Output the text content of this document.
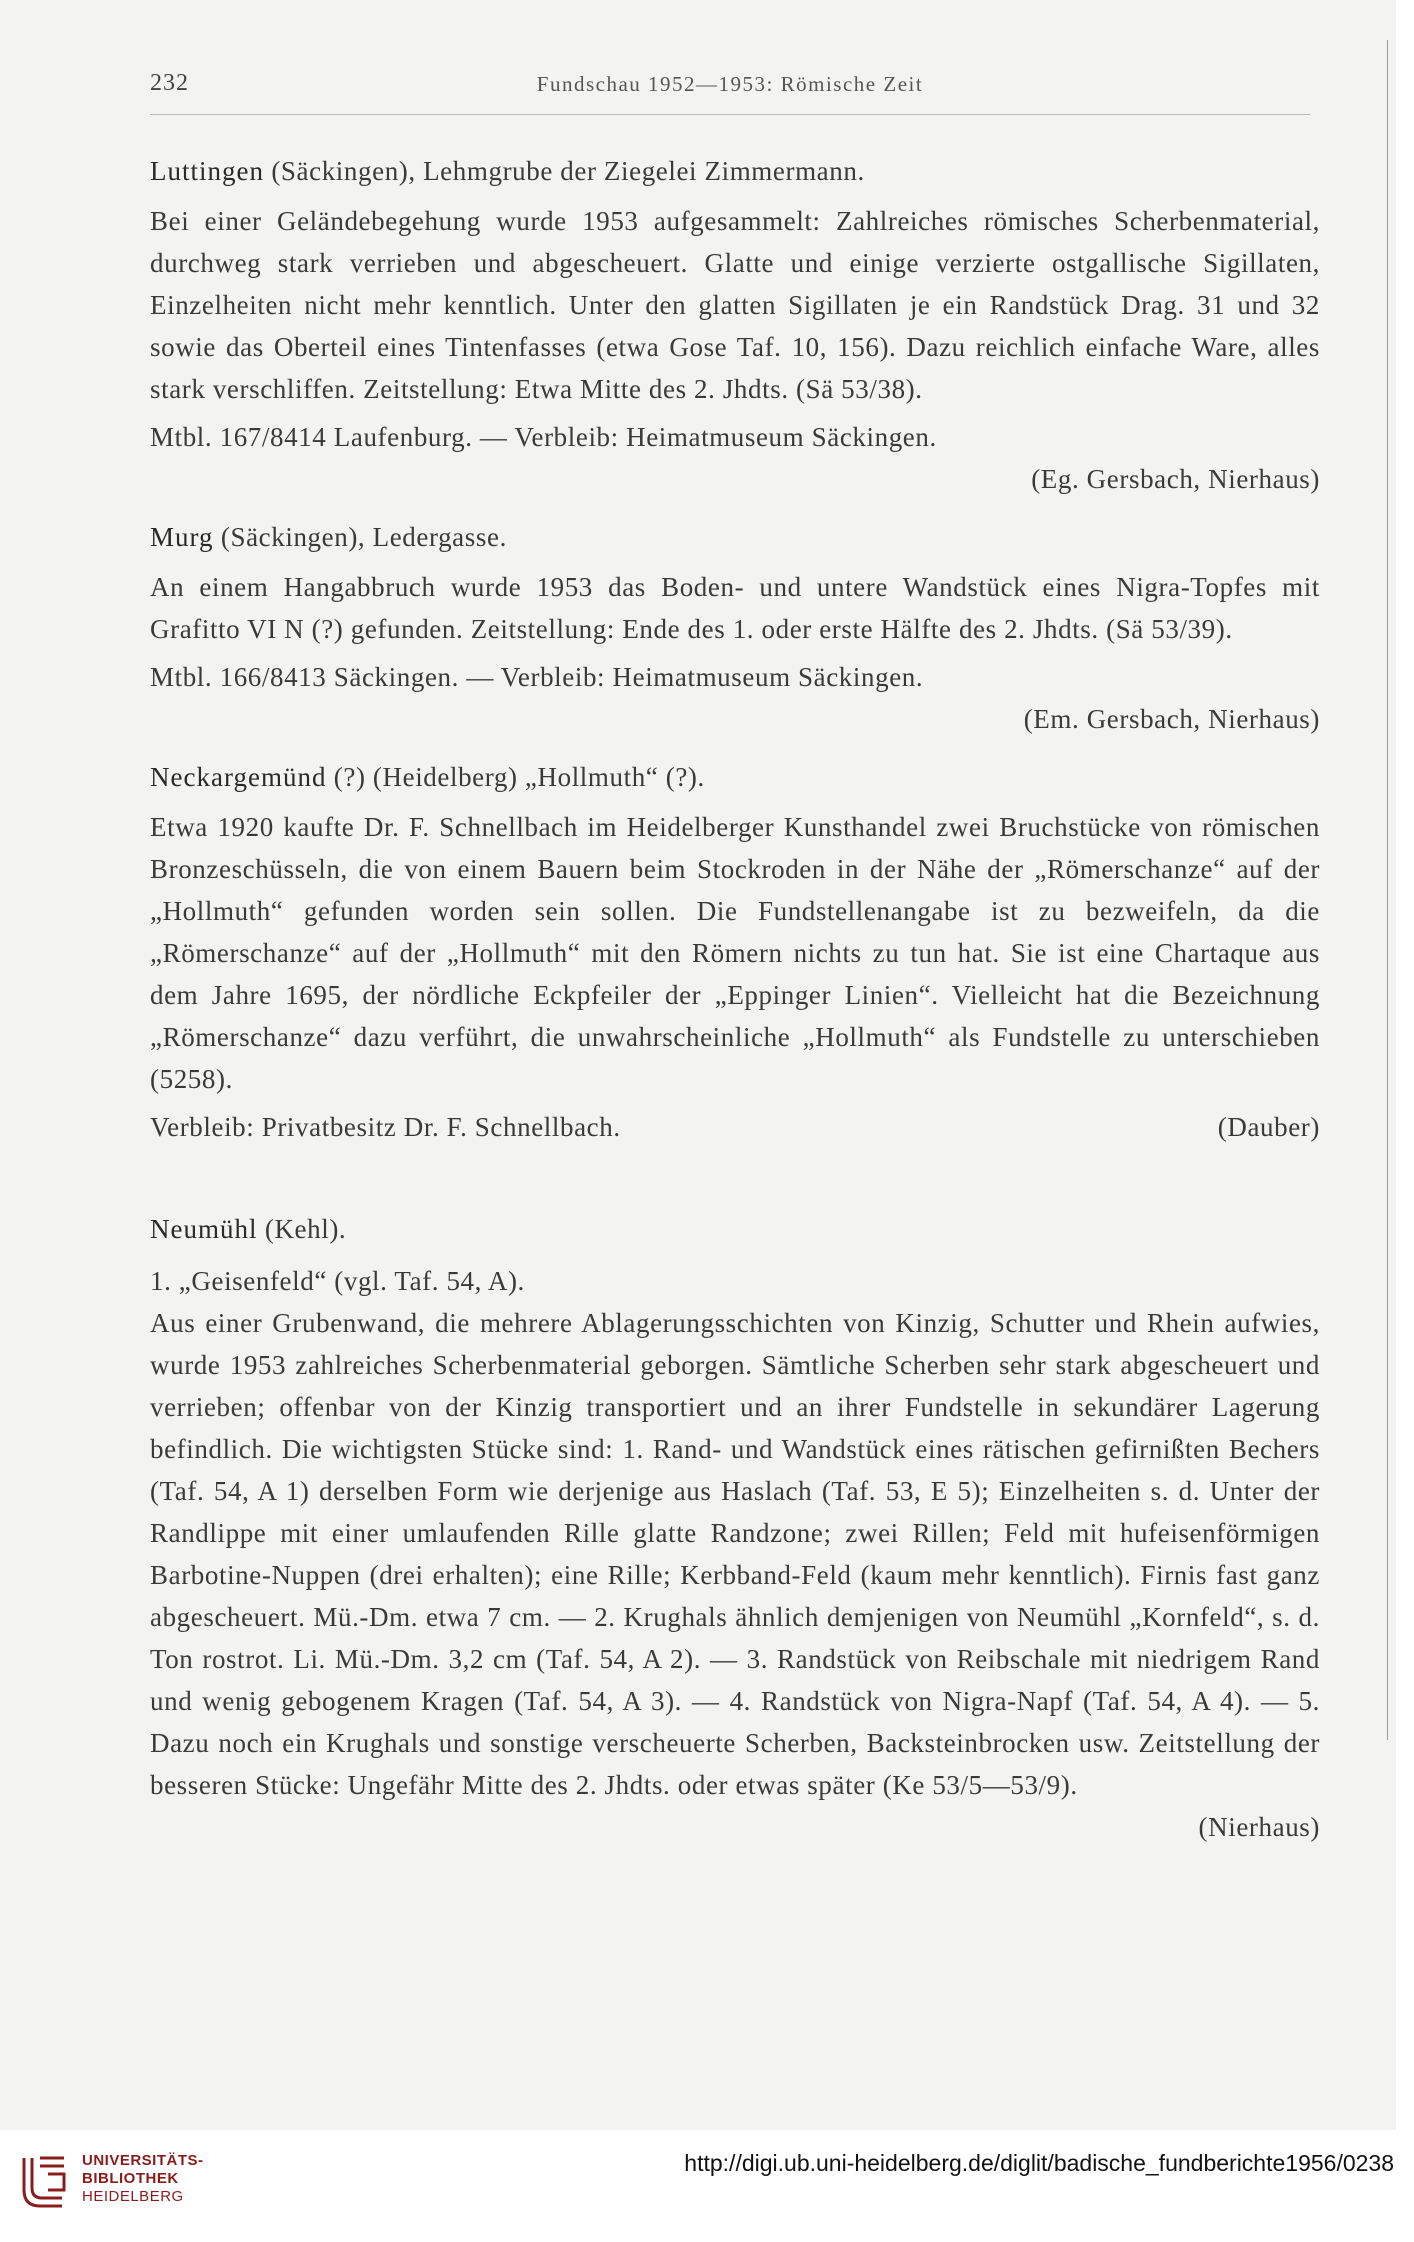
232	Fundschau 1952—1953: Römische Zeit

Luttingen (Säckingen), Lehmgrube der Ziegelei Zimmermann.

Bei einer Geländebegehung wurde 1953 aufgesammelt: Zahlreiches römisches Scherbenmaterial, durchweg stark verrieben und abgescheuert. Glatte und einige verzierte ostgallische Sigillaten, Einzelheiten nicht mehr kenntlich. Unter den glatten Sigillaten je ein Randstück Drag. 31 und 32 sowie das Oberteil eines Tintenfasses (etwa Gose Taf. 10, 156). Dazu reichlich einfache Ware, alles stark verschliffen. Zeitstellung: Etwa Mitte des 2. Jhdts. (Sä 53/38).

Mtbl. 167/8414 Laufenburg. — Verbleib: Heimatmuseum Säckingen.

(Eg. Gersbach, Nierhaus)

Murg (Säckingen), Ledergasse.

An einem Hangabbruch wurde 1953 das Boden- und untere Wandstück eines Nigra-Topfes mit Grafitto VI N (?) gefunden. Zeitstellung: Ende des 1. oder erste Hälfte des 2. Jhdts. (Sä 53/39).

Mtbl. 166/8413 Säckingen. — Verbleib: Heimatmuseum Säckingen.

(Em. Gersbach, Nierhaus)

Neckargemünd (?) (Heidelberg) „Hollmuth“ (?).

Etwa 1920 kaufte Dr. F. Schnellbach im Heidelberger Kunsthandel zwei Bruchstücke von römischen Bronzeschüsseln, die von einem Bauern beim Stockroden in der Nähe der „Römerschanze“ auf der „Hollmuth“ gefunden worden sein sollen. Die Fundstellenangabe ist zu bezweifeln, da die „Römerschanze“ auf der „Hollmuth“ mit den Römern nichts zu tun hat. Sie ist eine Chartaque aus dem Jahre 1695, der nördliche Eckpfeiler der „Eppinger Linien“. Vielleicht hat die Bezeichnung „Römerschanze“ dazu verführt, die unwahrscheinliche „Hollmuth“ als Fundstelle zu unterschieben (5258).

Verbleib: Privatbesitz Dr. F. Schnellbach.	(Dauber)

Neumühl (Kehl).

1. „Geisenfeld“ (vgl. Taf. 54, A).

Aus einer Grubenwand, die mehrere Ablagerungsschichten von Kinzig, Schutter und Rhein aufwies, wurde 1953 zahlreiches Scherbenmaterial geborgen. Sämtliche Scherben sehr stark abgescheuert und verrieben; offenbar von der Kinzig transportiert und an ihrer Fundstelle in sekundärer Lagerung befindlich. Die wichtigsten Stücke sind: 1. Rand- und Wandstück eines rätischen gefirnißten Bechers (Taf. 54, A 1) derselben Form wie derjenige aus Haslach (Taf. 53, E 5); Einzelheiten s. d. Unter der Randlippe mit einer umlaufenden Rille glatte Randzone; zwei Rillen; Feld mit hufeisenförmigen Barbotine-Nuppen (drei erhalten); eine Rille; Kerbband-Feld (kaum mehr kenntlich). Firnis fast ganz abgescheuert. Mü.-Dm. etwa 7 cm. — 2. Krughals ähnlich demjenigen von Neumühl „Kornfeld“, s. d. Ton rostrot. Li. Mü.-Dm. 3,2 cm (Taf. 54, A 2). — 3. Randstück von Reibschale mit niedrigem Rand und wenig gebogenem Kragen (Taf. 54, A 3). — 4. Randstück von Nigra-Napf (Taf. 54, A 4). — 5. Dazu noch ein Krughals und sonstige verscheuerte Scherben, Backsteinbrocken usw. Zeitstellung der besseren Stücke: Ungefähr Mitte des 2. Jhdts. oder etwas später (Ke 53/5—53/9).

(Nierhaus)

UNIVERSITÄTS-
BIBLIOTHEK
HEIDELBERG
http://digi.ub.uni-heidelberg.de/diglit/badische_fundberichte1956/0238
